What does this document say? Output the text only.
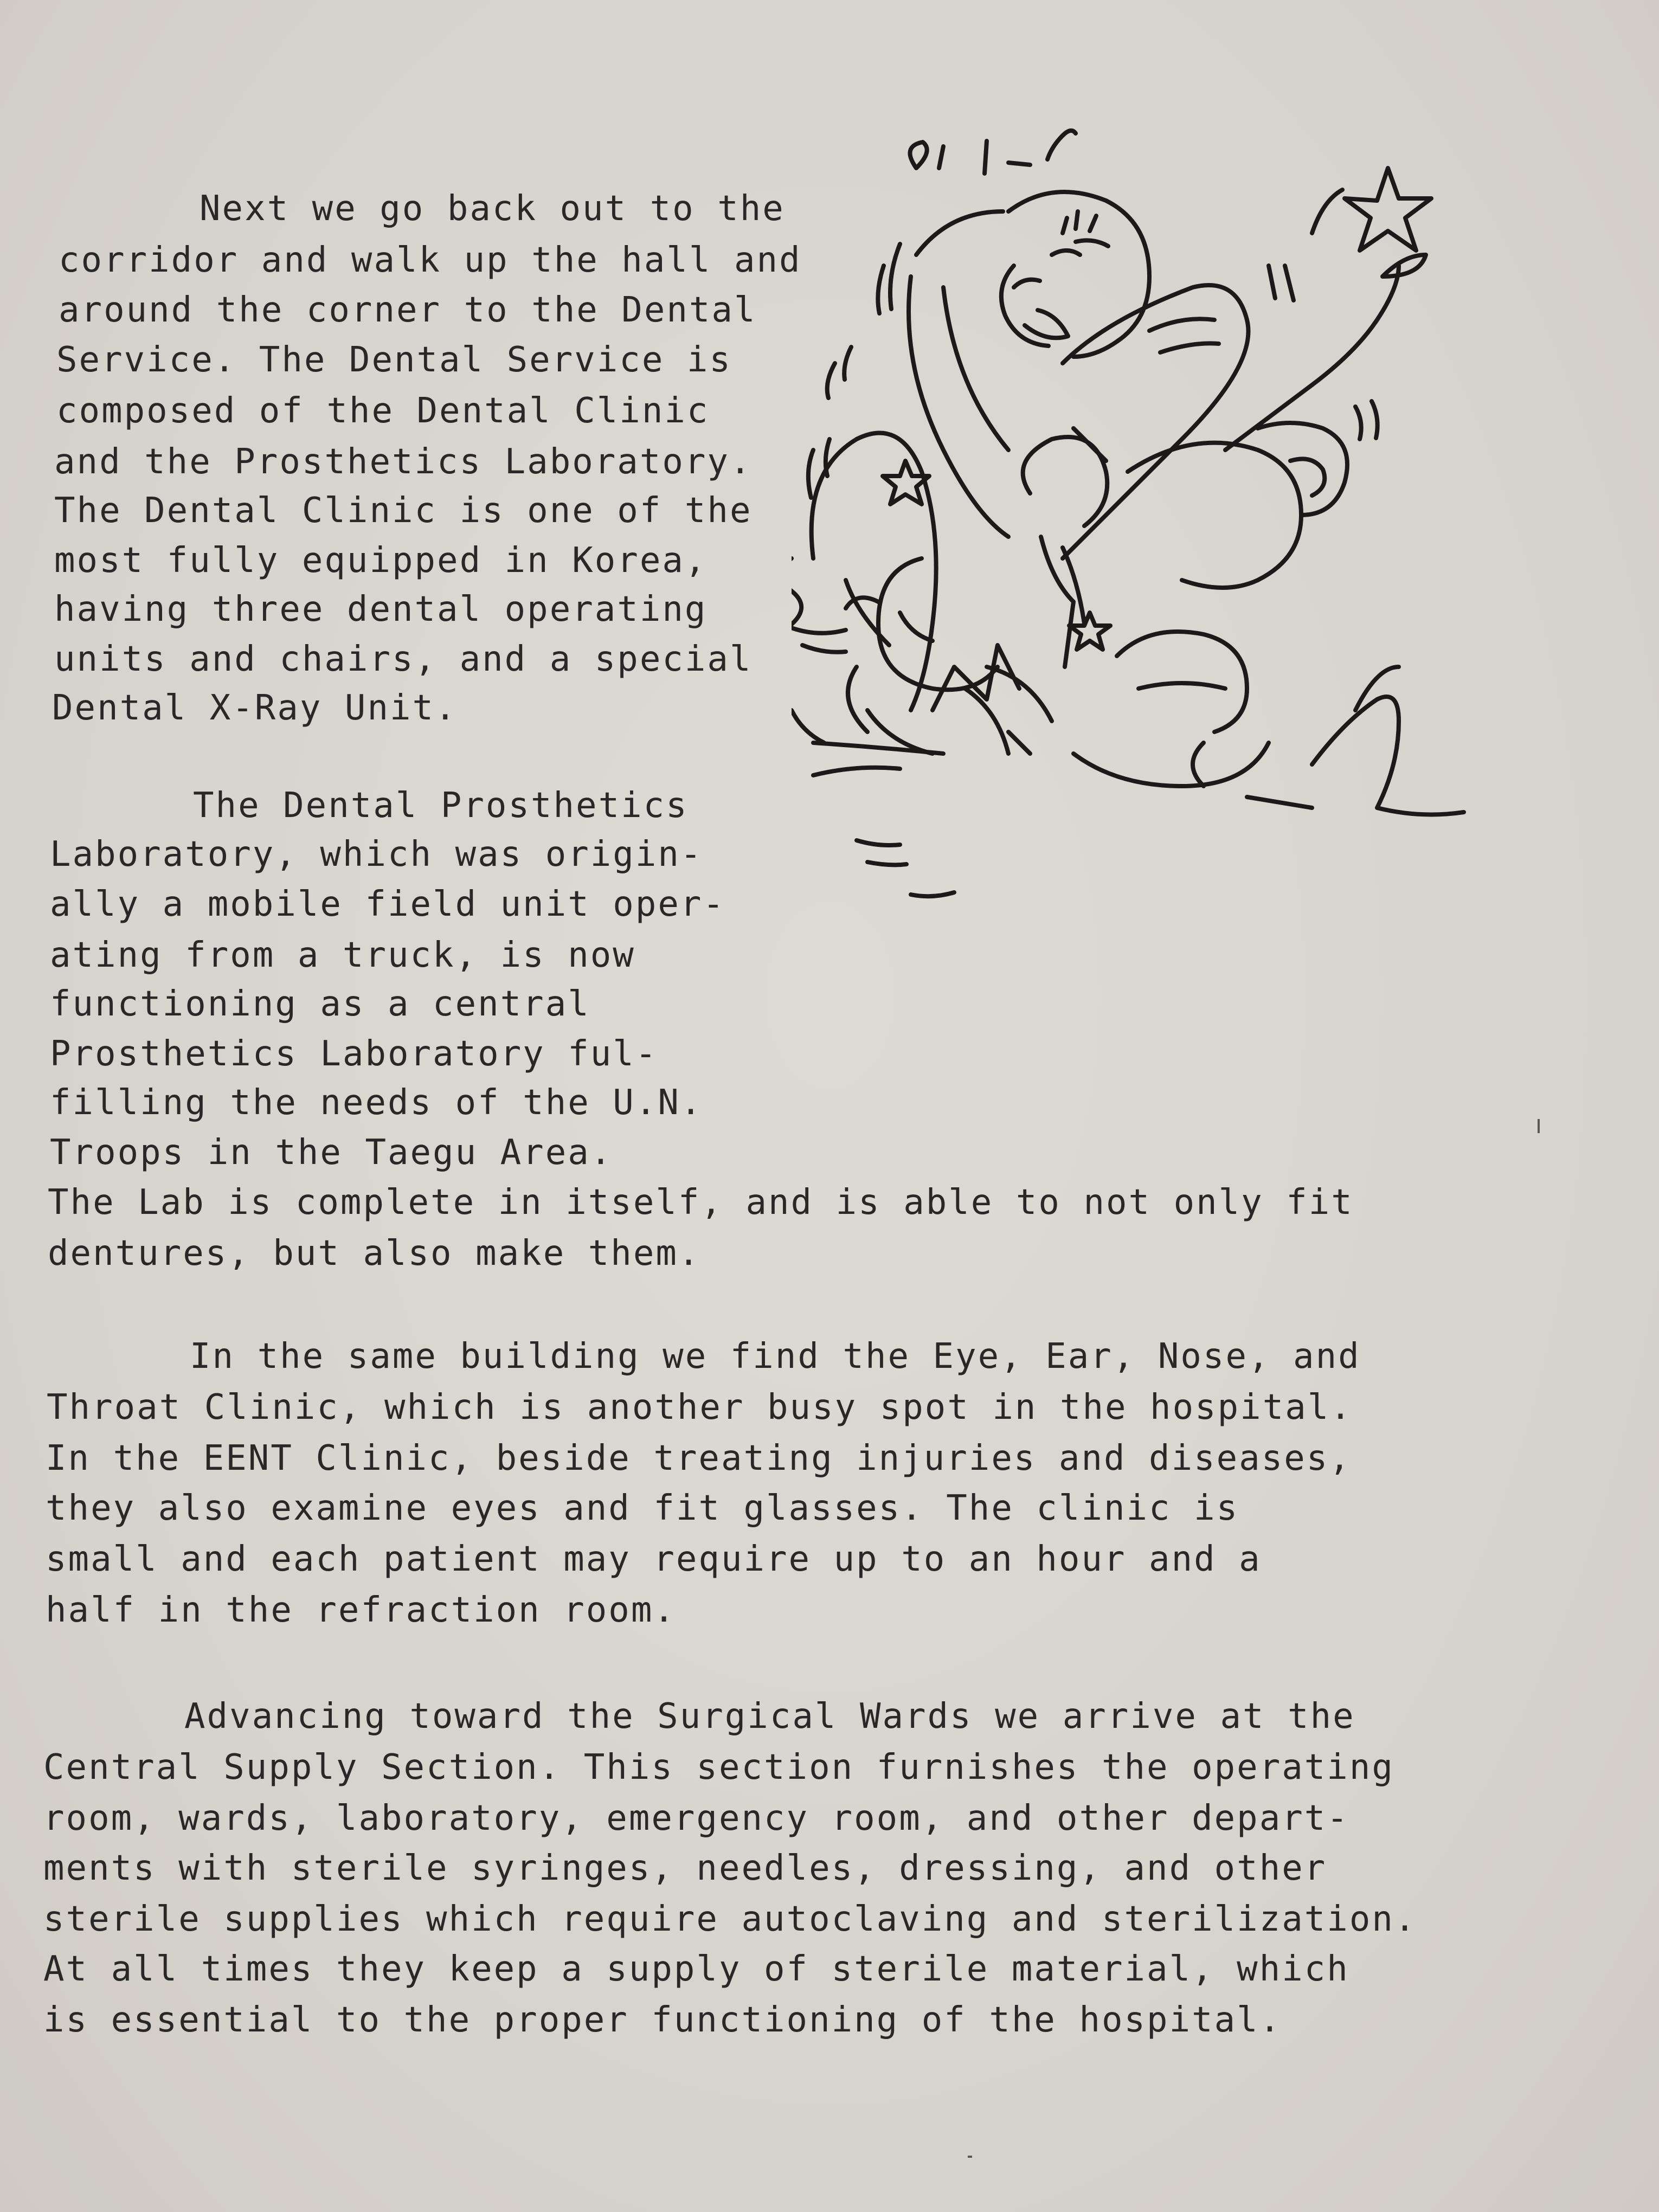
Next we go back out to the
corridor and walk up the hall and
around the corner to the Dental
Service. The Dental Service is
composed of the Dental Clinic
and the Prosthetics Laboratory.
The Dental Clinic is one of the
most fully equipped in Korea,
having three dental operating
units and chairs, and a special
Dental X-Ray Unit.
The Dental Prosthetics
Laboratory, which was origin-
ally a mobile field unit oper-
ating from a truck, is now
functioning as a central
Prosthetics Laboratory ful-
filling the needs of the U.N.
Troops in the Taegu Area.
The Lab is complete in itself, and is able to not only fit
dentures, but also make them.
In the same building we find the Eye, Ear, Nose, and
Throat Clinic, which is another busy spot in the hospital.
In the EENT Clinic, beside treating injuries and diseases,
they also examine eyes and fit glasses. The clinic is
small and each patient may require up to an hour and a
half in the refraction room.
Advancing toward the Surgical Wards we arrive at the
Central Supply Section. This section furnishes the operating
room, wards, laboratory, emergency room, and other depart-
ments with sterile syringes, needles, dressing, and other
sterile supplies which require autoclaving and sterilization.
At all times they keep a supply of sterile material, which
is essential to the proper functioning of the hospital.
